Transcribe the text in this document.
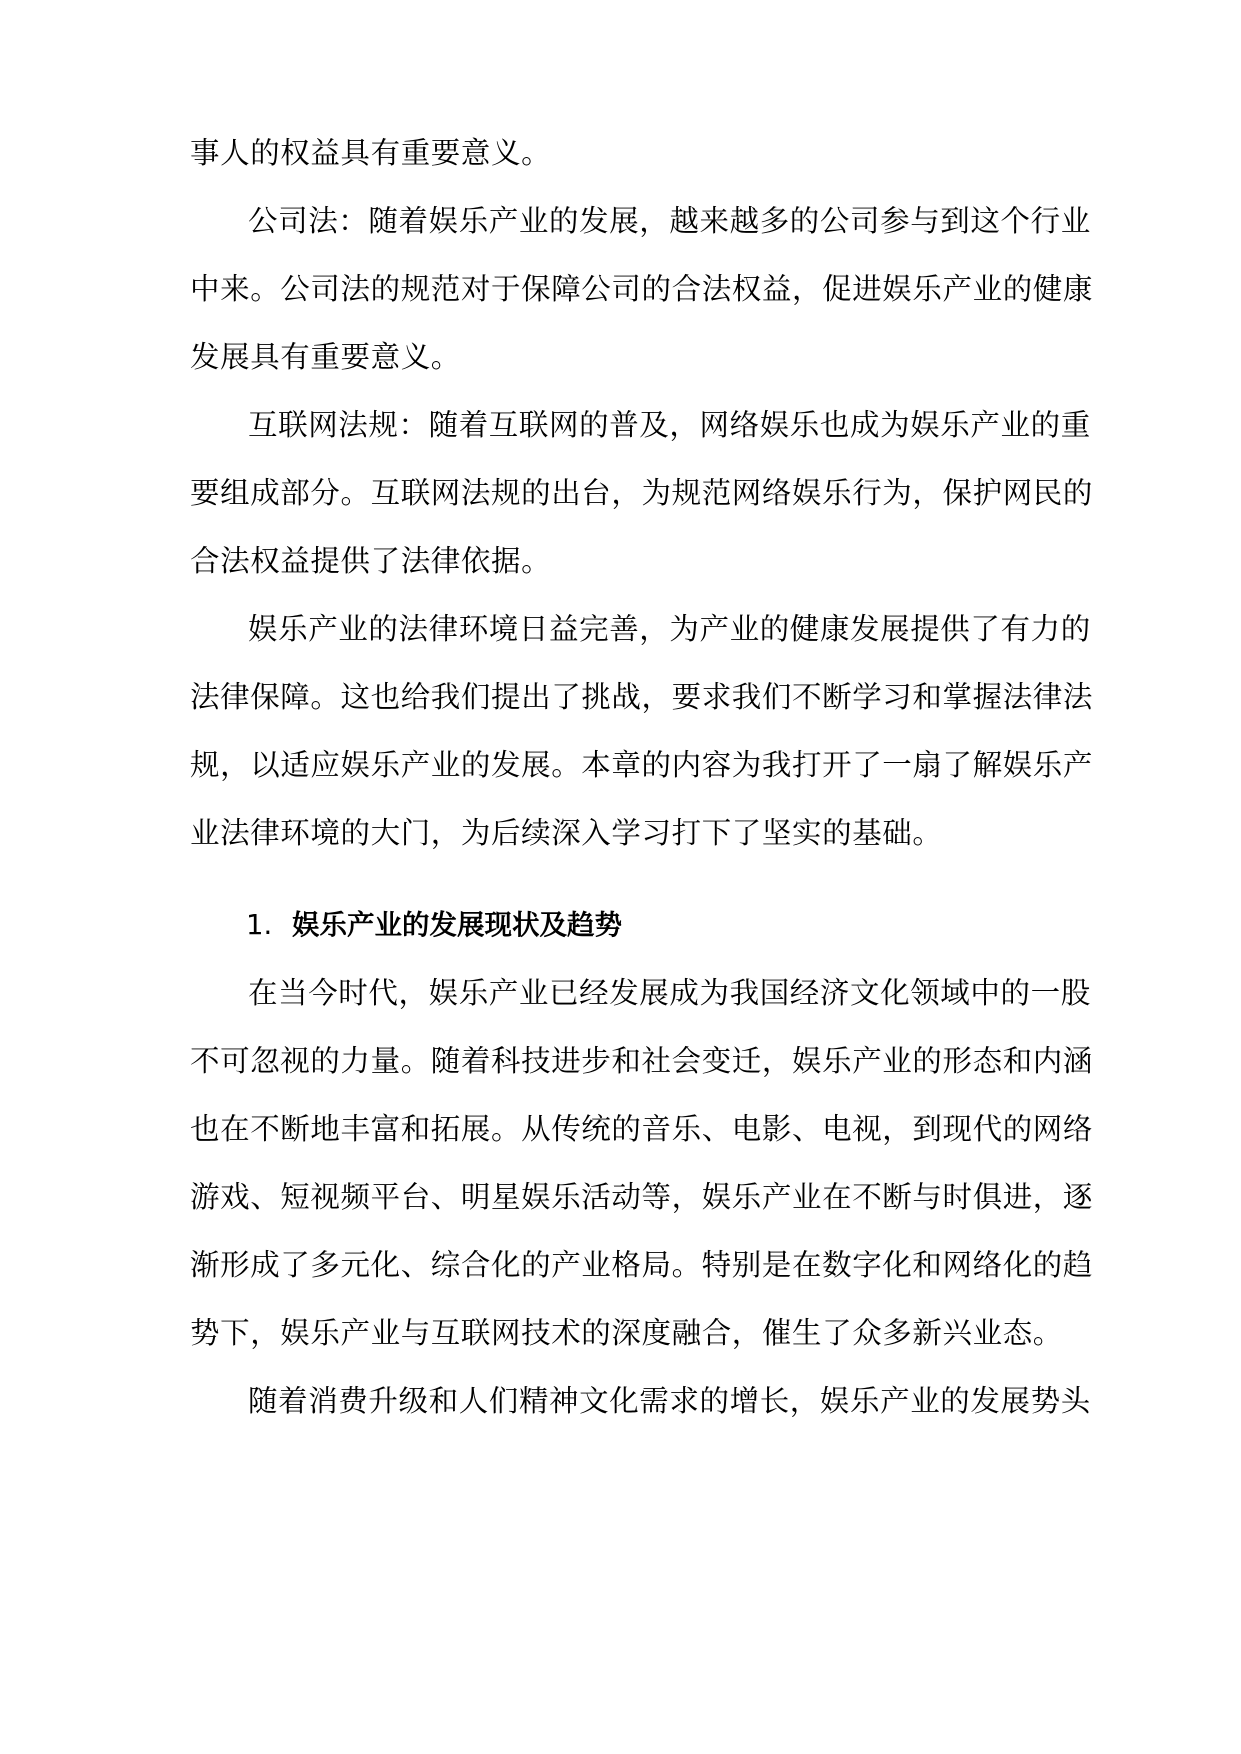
事人的权益具有重要意义。
公司法：随着娱乐产业的发展，越来越多的公司参与到这个行业
中来。公司法的规范对于保障公司的合法权益，促进娱乐产业的健康
发展具有重要意义。
互联网法规：随着互联网的普及，网络娱乐也成为娱乐产业的重
要组成部分。互联网法规的出台，为规范网络娱乐行为，保护网民的
合法权益提供了法律依据。
娱乐产业的法律环境日益完善，为产业的健康发展提供了有力的
法律保障。这也给我们提出了挑战，要求我们不断学习和掌握法律法
规，以适应娱乐产业的发展。本章的内容为我打开了一扇了解娱乐产
业法律环境的大门，为后续深入学习打下了坚实的基础。
1. 娱乐产业的发展现状及趋势
在当今时代，娱乐产业已经发展成为我国经济文化领域中的一股
不可忽视的力量。随着科技进步和社会变迁，娱乐产业的形态和内涵
也在不断地丰富和拓展。从传统的音乐、电影、电视，到现代的网络
游戏、短视频平台、明星娱乐活动等，娱乐产业在不断与时俱进，逐
渐形成了多元化、综合化的产业格局。特别是在数字化和网络化的趋
势下，娱乐产业与互联网技术的深度融合，催生了众多新兴业态。
随着消费升级和人们精神文化需求的增长，娱乐产业的发展势头
